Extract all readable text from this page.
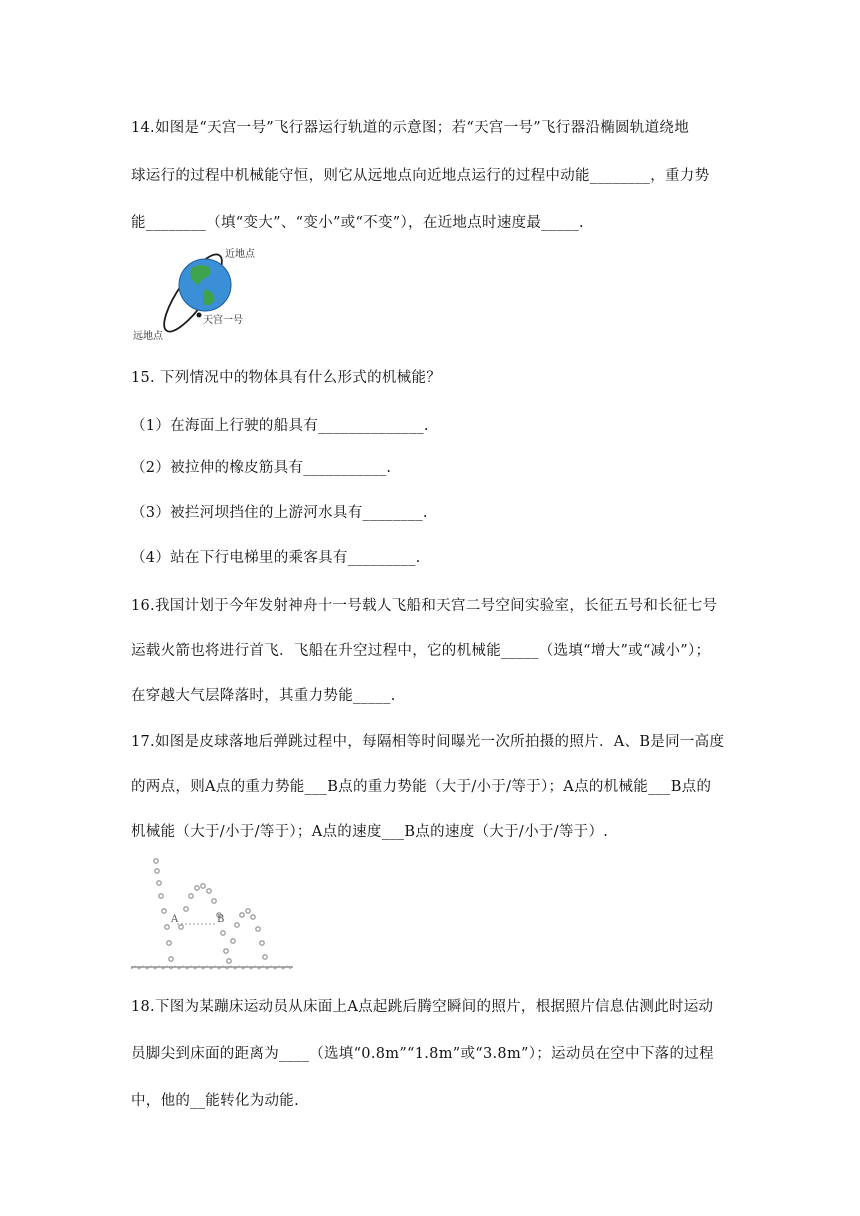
14.如图是“天宫一号”飞行器运行轨道的示意图；若“天宫一号”飞行器沿椭圆轨道绕地
球运行的过程中机械能守恒，则它从远地点向近地点运行的过程中动能________，重力势
能________（填“变大”、“变小”或“不变”），在近地点时速度最_____.
近地点
天宫一号
远地点
15. 下列情况中的物体具有什么形式的机械能？
（1）在海面上行驶的船具有______________.
（2）被拉伸的橡皮筋具有___________.
（3）被拦河坝挡住的上游河水具有________.
（4）站在下行电梯里的乘客具有_________.
16.我国计划于今年发射神舟十一号载人飞船和天宫二号空间实验室，长征五号和长征七号
运载火箭也将进行首飞．飞船在升空过程中，它的机械能_____（选填“增大”或“减小”）；
在穿越大气层降落时，其重力势能_____.
17.如图是皮球落地后弹跳过程中，每隔相等时间曝光一次所拍摄的照片．A、B是同一高度
的两点，则A点的重力势能___B点的重力势能（大于/小于/等于）；A点的机械能___B点的
机械能（大于/小于/等于）；A点的速度___B点的速度（大于/小于/等于）.
A	B
18.下图为某蹦床运动员从床面上A点起跳后腾空瞬间的照片，根据照片信息估测此时运动
员脚尖到床面的距离为____（选填“0.8m”“1.8m”或“3.8m”）；运动员在空中下落的过程
中，他的__能转化为动能.
